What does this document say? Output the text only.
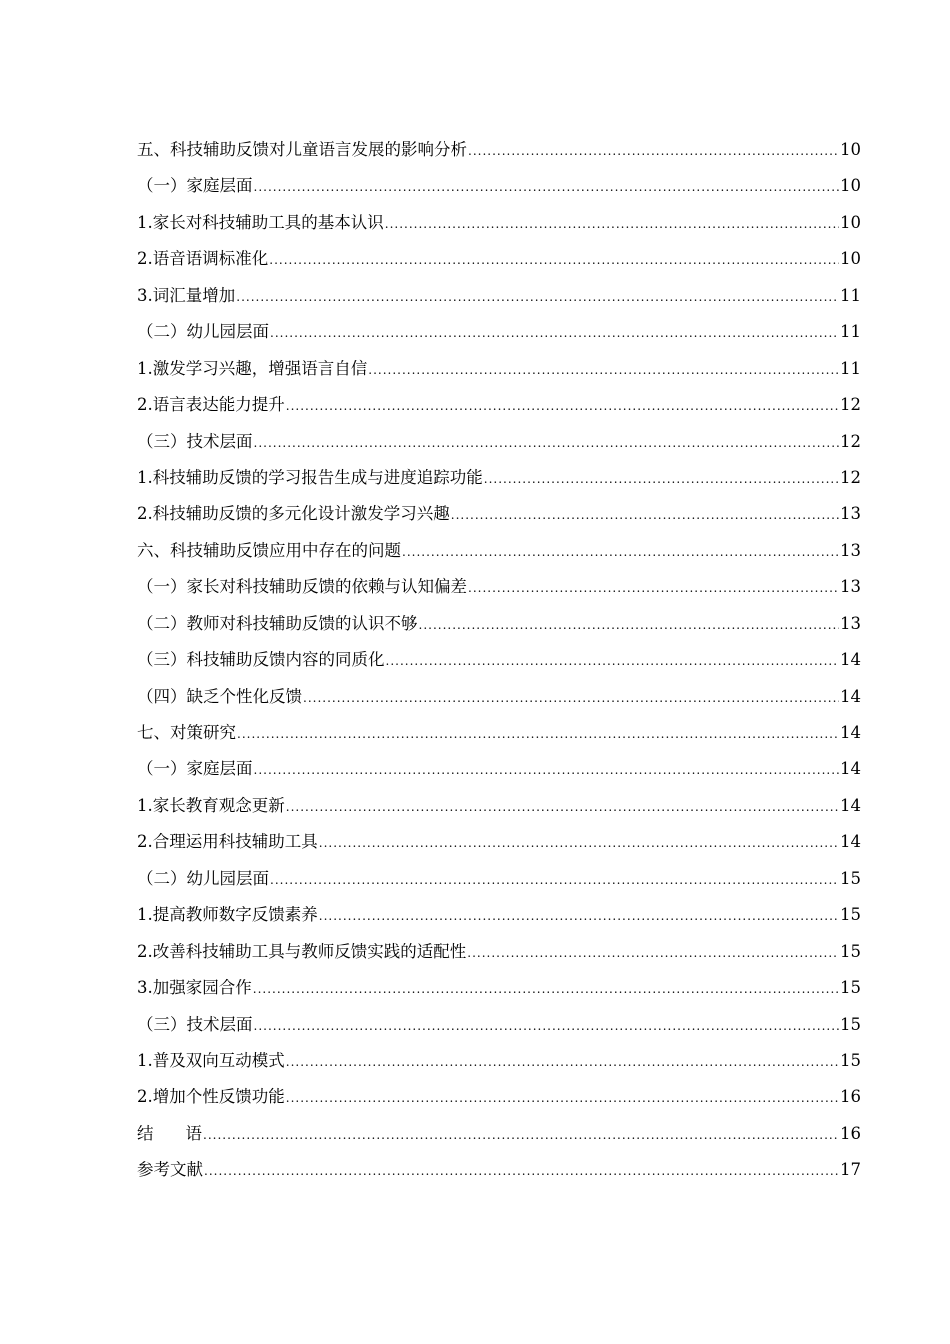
五、科技辅助反馈对儿童语言发展的影响分析 .....	10
（一）家庭层面 .....	10
1.家长对科技辅助工具的基本认识 .....	10
2.语音语调标准化 .....	10
3.词汇量增加 .....	11
（二）幼儿园层面 .....	11
1.激发学习兴趣，增强语言自信 .....	11
2.语言表达能力提升 .....	12
（三）技术层面 .....	12
1.科技辅助反馈的学习报告生成与进度追踪功能 .....	12
2.科技辅助反馈的多元化设计激发学习兴趣 .....	13
六、科技辅助反馈应用中存在的问题 .....	13
（一）家长对科技辅助反馈的依赖与认知偏差 .....	13
（二）教师对科技辅助反馈的认识不够 .....	13
（三）科技辅助反馈内容的同质化 .....	14
（四）缺乏个性化反馈 .....	14
七、对策研究 .....	14
（一）家庭层面 .....	14
1.家长教育观念更新 .....	14
2.合理运用科技辅助工具 .....	14
（二）幼儿园层面 .....	15
1.提高教师数字反馈素养 .....	15
2.改善科技辅助工具与教师反馈实践的适配性 .....	15
3.加强家园合作 .....	15
（三）技术层面 .....	15
1.普及双向互动模式 .....	15
2.增加个性反馈功能 .....	16
结 语 .....	16
参考文献 .....	17
